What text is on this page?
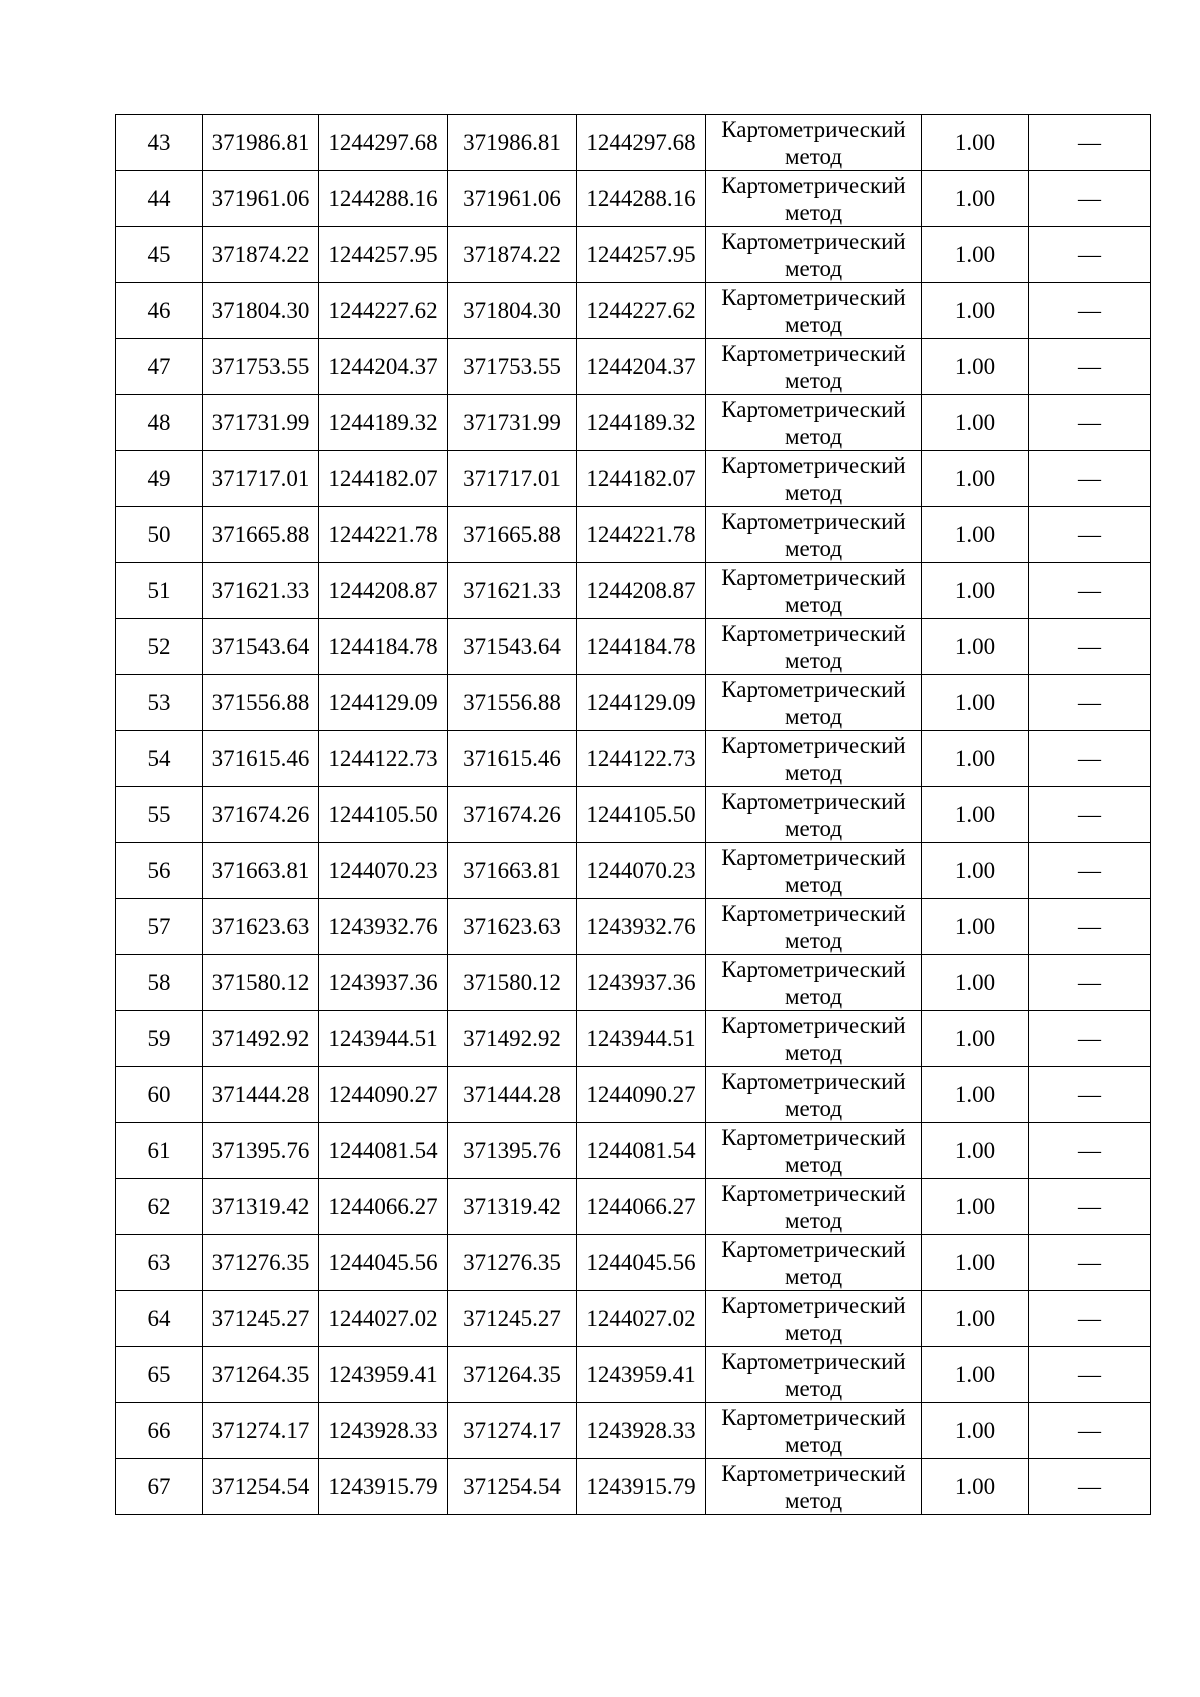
43	371986.81	1244297.68	371986.81	1244297.68	Картометрический метод	1.00	—
44	371961.06	1244288.16	371961.06	1244288.16	Картометрический метод	1.00	—
45	371874.22	1244257.95	371874.22	1244257.95	Картометрический метод	1.00	—
46	371804.30	1244227.62	371804.30	1244227.62	Картометрический метод	1.00	—
47	371753.55	1244204.37	371753.55	1244204.37	Картометрический метод	1.00	—
48	371731.99	1244189.32	371731.99	1244189.32	Картометрический метод	1.00	—
49	371717.01	1244182.07	371717.01	1244182.07	Картометрический метод	1.00	—
50	371665.88	1244221.78	371665.88	1244221.78	Картометрический метод	1.00	—
51	371621.33	1244208.87	371621.33	1244208.87	Картометрический метод	1.00	—
52	371543.64	1244184.78	371543.64	1244184.78	Картометрический метод	1.00	—
53	371556.88	1244129.09	371556.88	1244129.09	Картометрический метод	1.00	—
54	371615.46	1244122.73	371615.46	1244122.73	Картометрический метод	1.00	—
55	371674.26	1244105.50	371674.26	1244105.50	Картометрический метод	1.00	—
56	371663.81	1244070.23	371663.81	1244070.23	Картометрический метод	1.00	—
57	371623.63	1243932.76	371623.63	1243932.76	Картометрический метод	1.00	—
58	371580.12	1243937.36	371580.12	1243937.36	Картометрический метод	1.00	—
59	371492.92	1243944.51	371492.92	1243944.51	Картометрический метод	1.00	—
60	371444.28	1244090.27	371444.28	1244090.27	Картометрический метод	1.00	—
61	371395.76	1244081.54	371395.76	1244081.54	Картометрический метод	1.00	—
62	371319.42	1244066.27	371319.42	1244066.27	Картометрический метод	1.00	—
63	371276.35	1244045.56	371276.35	1244045.56	Картометрический метод	1.00	—
64	371245.27	1244027.02	371245.27	1244027.02	Картометрический метод	1.00	—
65	371264.35	1243959.41	371264.35	1243959.41	Картометрический метод	1.00	—
66	371274.17	1243928.33	371274.17	1243928.33	Картометрический метод	1.00	—
67	371254.54	1243915.79	371254.54	1243915.79	Картометрический метод	1.00	—
